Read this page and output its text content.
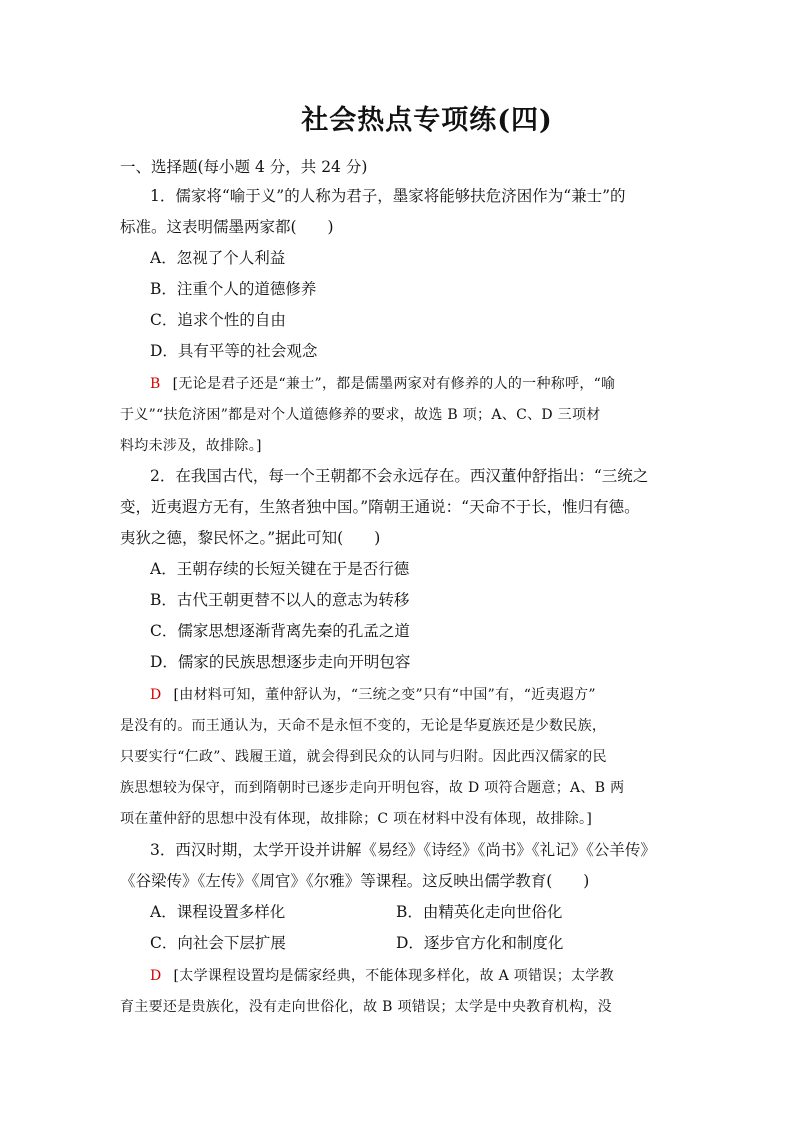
社会热点专项练(四)
一、选择题(每小题 4 分，共 24 分)
1．儒家将“喻于义”的人称为君子，墨家将能够扶危济困作为“兼士”的
标准。这表明儒墨两家都(　　)
A．忽视了个人利益
B．注重个人的道德修养
C．追求个性的自由
D．具有平等的社会观念
B [无论是君子还是“兼士”，都是儒墨两家对有修养的人的一种称呼，“喻
于义”“扶危济困”都是对个人道德修养的要求，故选 B 项；A、C、D 三项材
料均未涉及，故排除。]
2．在我国古代，每一个王朝都不会永远存在。西汉董仲舒指出：“三统之
变，近夷遐方无有，生煞者独中国。”隋朝王通说：“天命不于长，惟归有德。
夷狄之德，黎民怀之。”据此可知(　　)
A．王朝存续的长短关键在于是否行德
B．古代王朝更替不以人的意志为转移
C．儒家思想逐渐背离先秦的孔孟之道
D．儒家的民族思想逐步走向开明包容
D [由材料可知，董仲舒认为，“三统之变”只有“中国”有，“近夷遐方”
是没有的。而王通认为，天命不是永恒不变的，无论是华夏族还是少数民族，
只要实行“仁政”、践履王道，就会得到民众的认同与归附。因此西汉儒家的民
族思想较为保守，而到隋朝时已逐步走向开明包容，故 D 项符合题意；A、B 两
项在董仲舒的思想中没有体现，故排除；C 项在材料中没有体现，故排除。]
3．西汉时期，太学开设并讲解《易经》《诗经》《尚书》《礼记》《公羊传》
《谷梁传》《左传》《周官》《尔雅》等课程。这反映出儒学教育(　　)
A．课程设置多样化	B．由精英化走向世俗化
C．向社会下层扩展	D．逐步官方化和制度化
D [太学课程设置均是儒家经典，不能体现多样化，故 A 项错误；太学教
育主要还是贵族化，没有走向世俗化，故 B 项错误；太学是中央教育机构，没
